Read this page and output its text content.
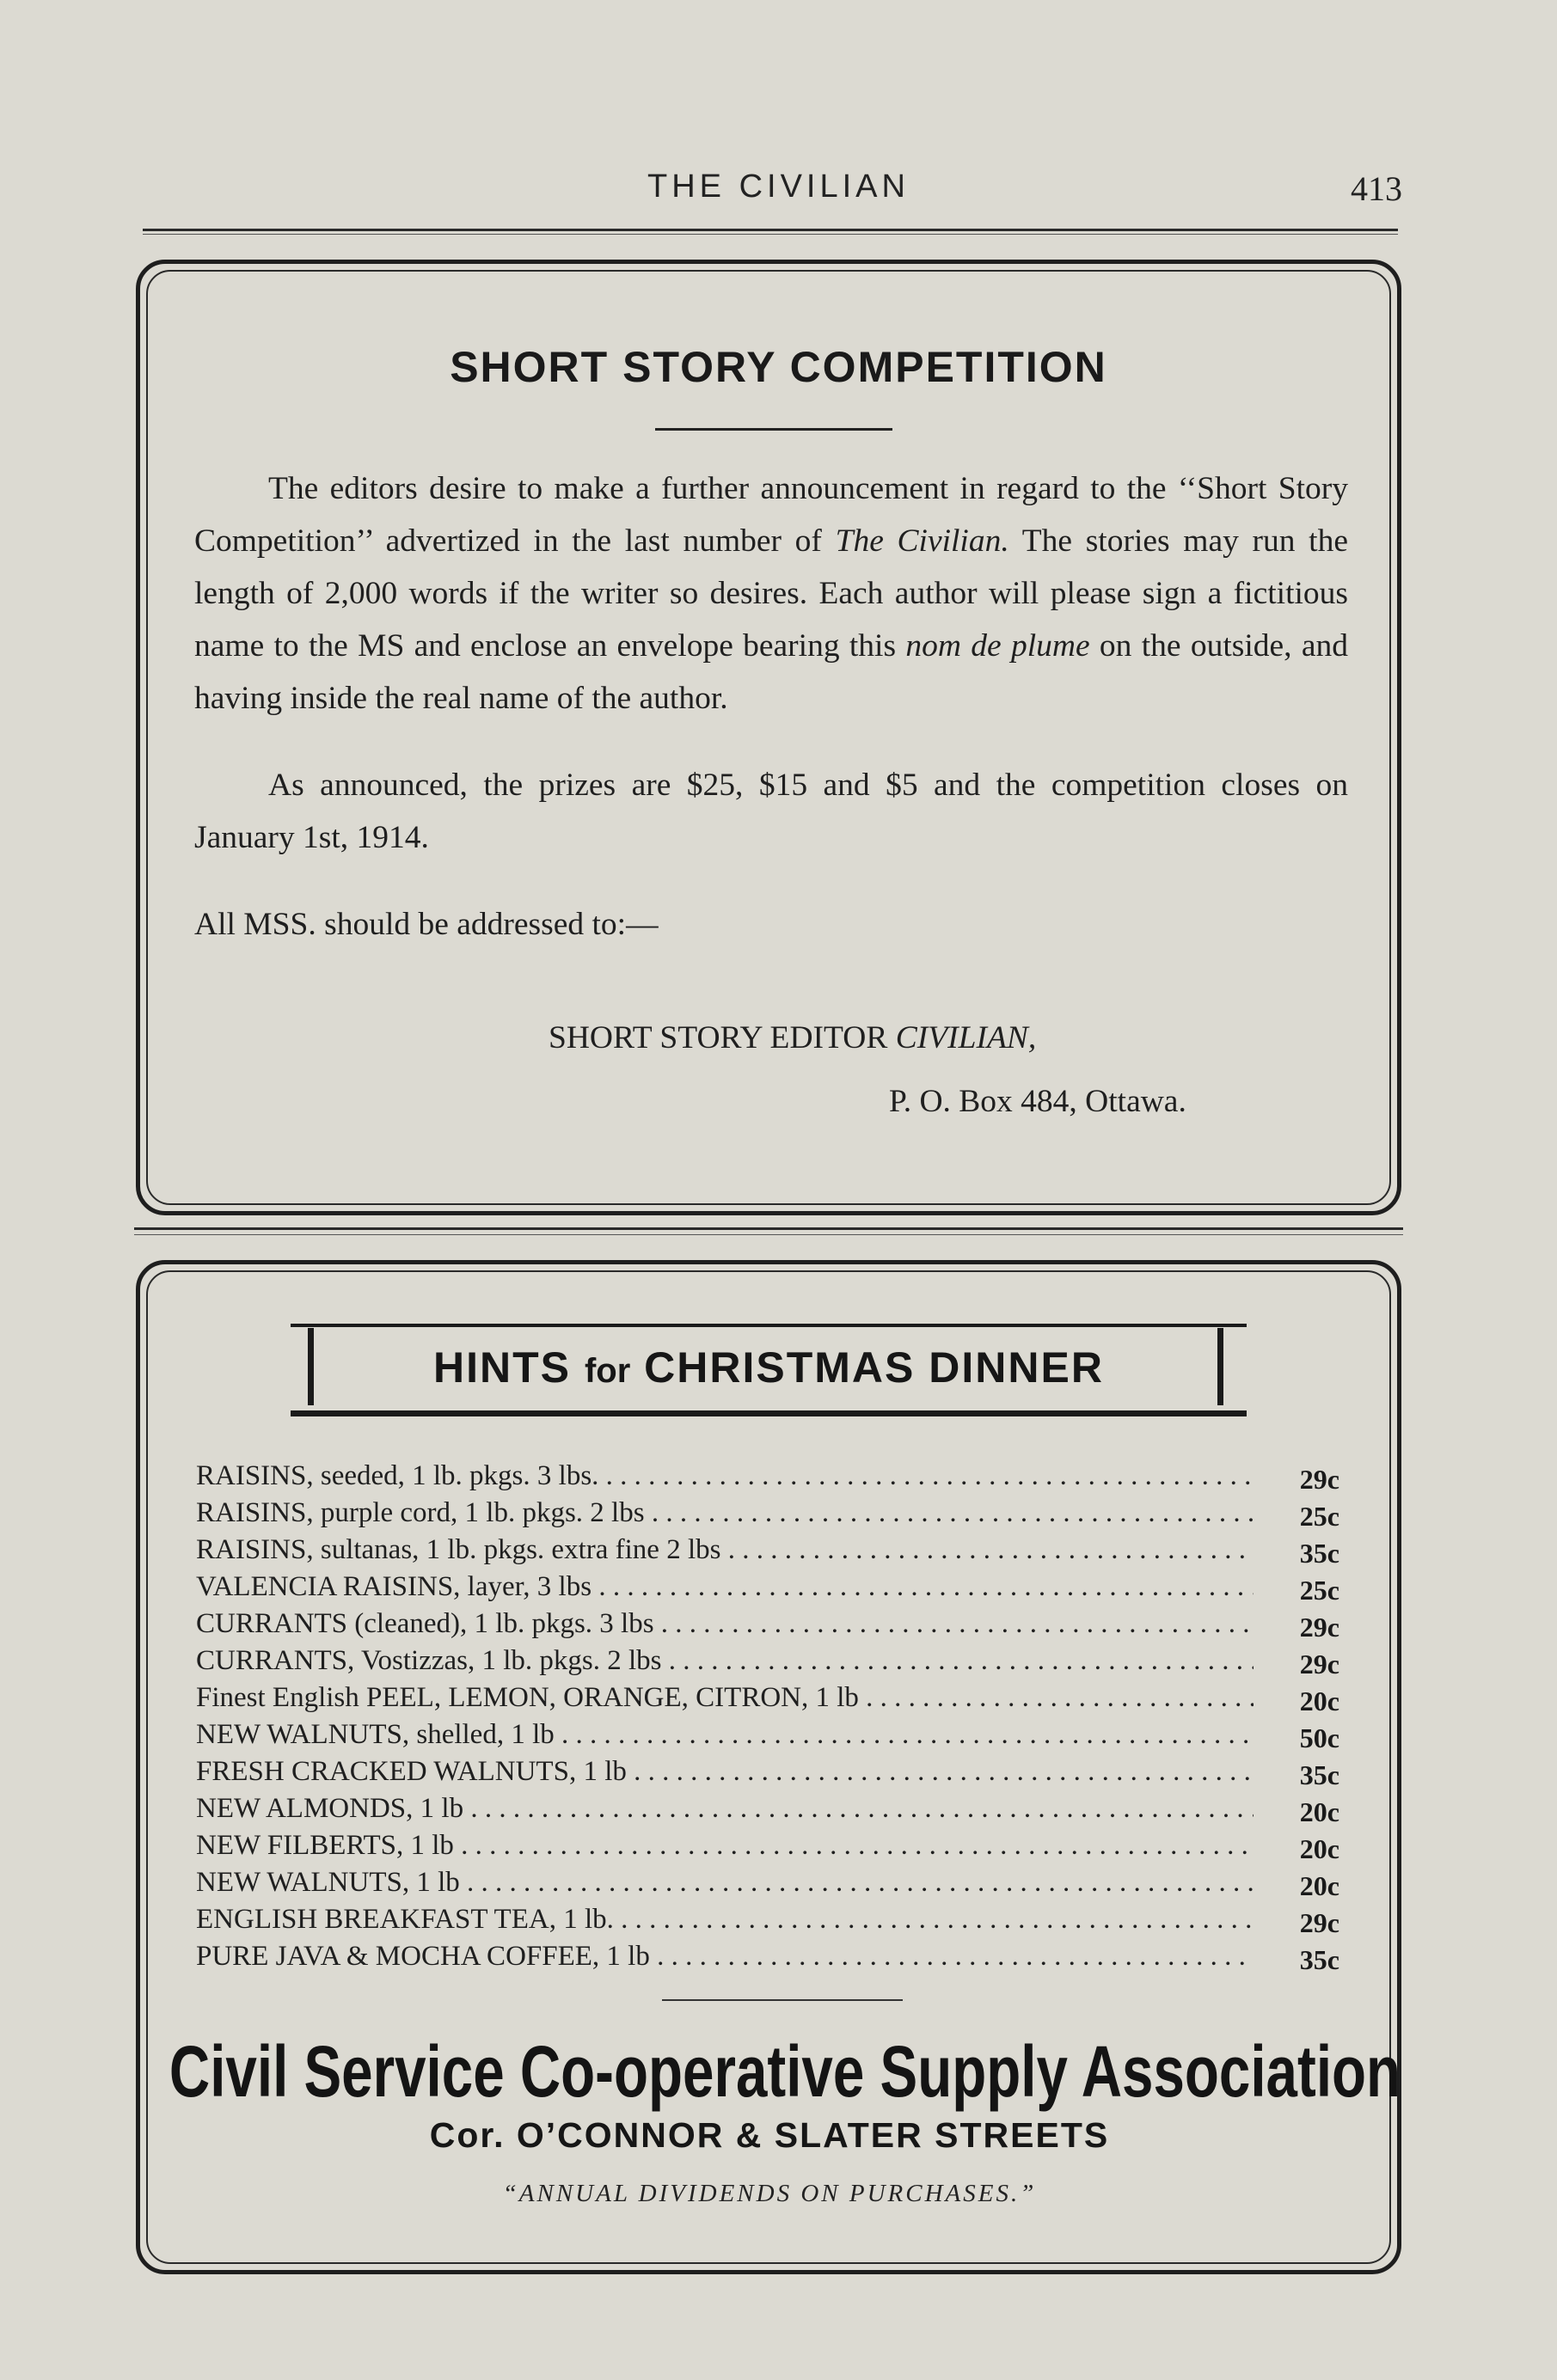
THE CIVILIAN	413
SHORT STORY COMPETITION

The editors desire to make a further announcement in regard to the ‘‘Short Story Competition’’ advertized in the last number of The Civilian. The stories may run the length of 2,000 words if the writer so desires. Each author will please sign a fictitious name to the MS and enclose an envelope bearing this nom de plume on the outside, and having inside the real name of the author.

As announced, the prizes are $25, $15 and $5 and the competition closes on January 1st, 1914.

All MSS. should be addressed to:—

SHORT STORY EDITOR CIVILIAN,
P. O. Box 484, Ottawa.
HINTS for CHRISTMAS DINNER
RAISINS, seeded, 1 lb. pkgs. 3 lbs. . . .	29c
RAISINS, purple cord, 1 lb. pkgs. 2 lbs . . .	25c
RAISINS, sultanas, 1 lb. pkgs. extra fine 2 lbs . . .	35c
VALENCIA RAISINS, layer, 3 lbs . . .	25c
CURRANTS (cleaned), 1 lb. pkgs. 3 lbs . . .	29c
CURRANTS, Vostizzas, 1 lb. pkgs. 2 lbs . . .	29c
Finest English PEEL, LEMON, ORANGE, CITRON, 1 lb . . .	20c
NEW WALNUTS, shelled, 1 lb . . .	50c
FRESH CRACKED WALNUTS, 1 lb . . .	35c
NEW ALMONDS, 1 lb . . .	20c
NEW FILBERTS, 1 lb . . .	20c
NEW WALNUTS, 1 lb . . .	20c
ENGLISH BREAKFAST TEA, 1 lb. . . .	29c
PURE JAVA & MOCHA COFFEE, 1 lb . . .	35c
Civil Service Co-operative Supply Association
Cor. O’CONNOR & SLATER STREETS
“ANNUAL DIVIDENDS ON PURCHASES.”
